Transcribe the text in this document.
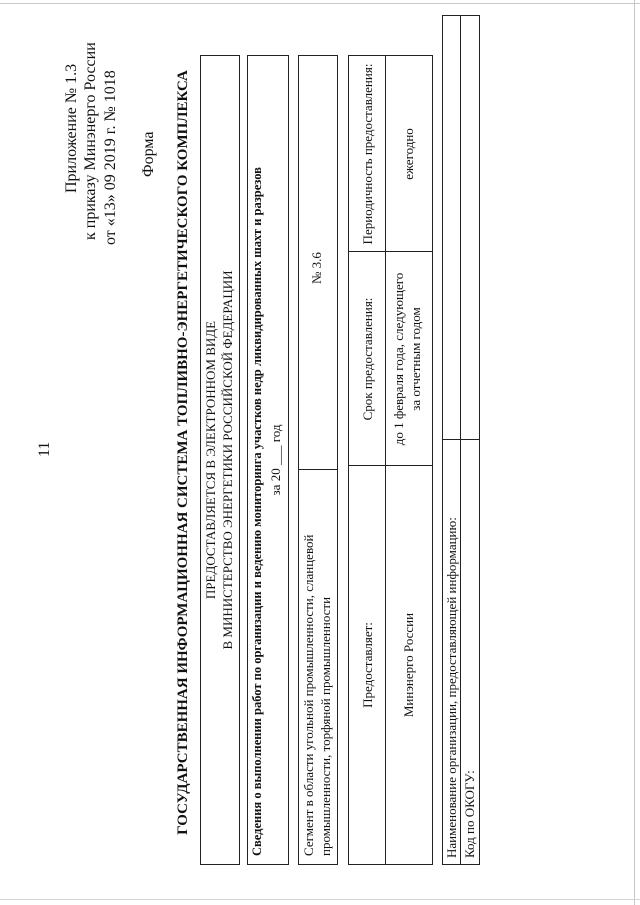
11
Приложение № 1.3 к приказу Минэнерго России от «13» 09 2019 г. № 1018 Форма ГОСУДАРСТВЕННАЯ ИНФОРМАЦИОННАЯ СИСТЕМА ТОПЛИВНО-ЭНЕРГЕТИЧЕСКОГО КОМПЛЕКСА ПРЕДОСТАВЛЯЕТСЯ В ЭЛЕКТРОННОМ ВИДЕ В МИНИСТЕРСТВО ЭНЕРГЕТИКИ РОССИЙСКОЙ ФЕДЕРАЦИИ Сведения о выполнении работ по организации и ведению мониторинга участков недр ликвидированных шахт и разрезов за 20 ___ год
Сегмент в области угольной промышленности, сланцевой промышленности, торфяной промышленности
№ 3.6
Предоставляет:
Срок предоставления:
Периодичность предоставления:
Минэнерго России
до 1 февраля года, следующего за отчетным годом
ежегодно
Наименование организации, предоставляющей информацию: Код по ОКОГУ:
